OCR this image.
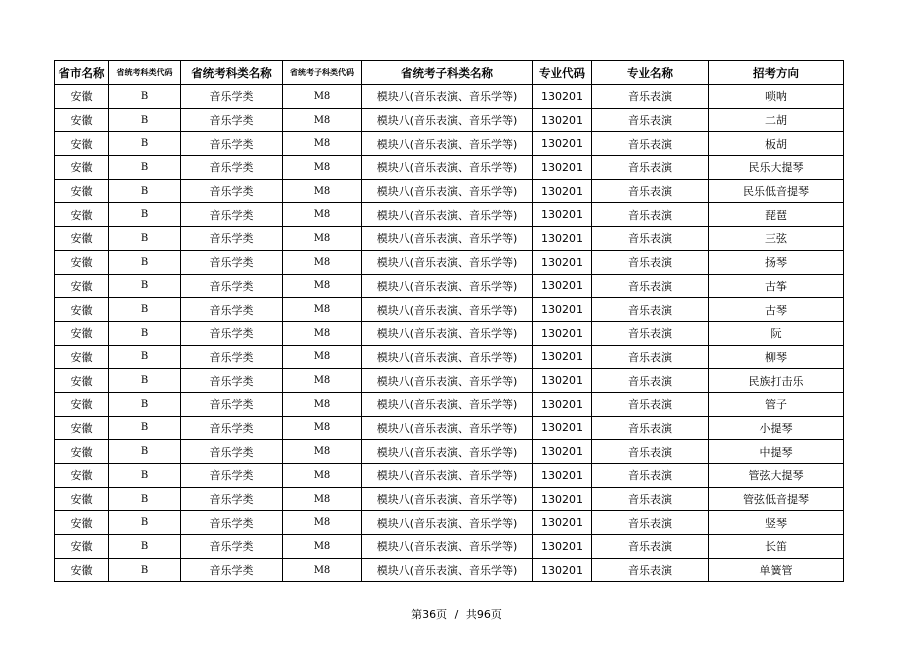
省市名称	省统考科类代码	省统考科类名称	省统考子科类代码	省统考子科类名称	专业代码	专业名称	招考方向
安徽	B	音乐学类	M8	模块八(音乐表演、音乐学等)	130201	音乐表演	唢呐
安徽	B	音乐学类	M8	模块八(音乐表演、音乐学等)	130201	音乐表演	二胡
安徽	B	音乐学类	M8	模块八(音乐表演、音乐学等)	130201	音乐表演	板胡
安徽	B	音乐学类	M8	模块八(音乐表演、音乐学等)	130201	音乐表演	民乐大提琴
安徽	B	音乐学类	M8	模块八(音乐表演、音乐学等)	130201	音乐表演	民乐低音提琴
安徽	B	音乐学类	M8	模块八(音乐表演、音乐学等)	130201	音乐表演	琵琶
安徽	B	音乐学类	M8	模块八(音乐表演、音乐学等)	130201	音乐表演	三弦
安徽	B	音乐学类	M8	模块八(音乐表演、音乐学等)	130201	音乐表演	扬琴
安徽	B	音乐学类	M8	模块八(音乐表演、音乐学等)	130201	音乐表演	古筝
安徽	B	音乐学类	M8	模块八(音乐表演、音乐学等)	130201	音乐表演	古琴
安徽	B	音乐学类	M8	模块八(音乐表演、音乐学等)	130201	音乐表演	阮
安徽	B	音乐学类	M8	模块八(音乐表演、音乐学等)	130201	音乐表演	柳琴
安徽	B	音乐学类	M8	模块八(音乐表演、音乐学等)	130201	音乐表演	民族打击乐
安徽	B	音乐学类	M8	模块八(音乐表演、音乐学等)	130201	音乐表演	管子
安徽	B	音乐学类	M8	模块八(音乐表演、音乐学等)	130201	音乐表演	小提琴
安徽	B	音乐学类	M8	模块八(音乐表演、音乐学等)	130201	音乐表演	中提琴
安徽	B	音乐学类	M8	模块八(音乐表演、音乐学等)	130201	音乐表演	管弦大提琴
安徽	B	音乐学类	M8	模块八(音乐表演、音乐学等)	130201	音乐表演	管弦低音提琴
安徽	B	音乐学类	M8	模块八(音乐表演、音乐学等)	130201	音乐表演	竖琴
安徽	B	音乐学类	M8	模块八(音乐表演、音乐学等)	130201	音乐表演	长笛
安徽	B	音乐学类	M8	模块八(音乐表演、音乐学等)	130201	音乐表演	单簧管
第36页 / 共96页
